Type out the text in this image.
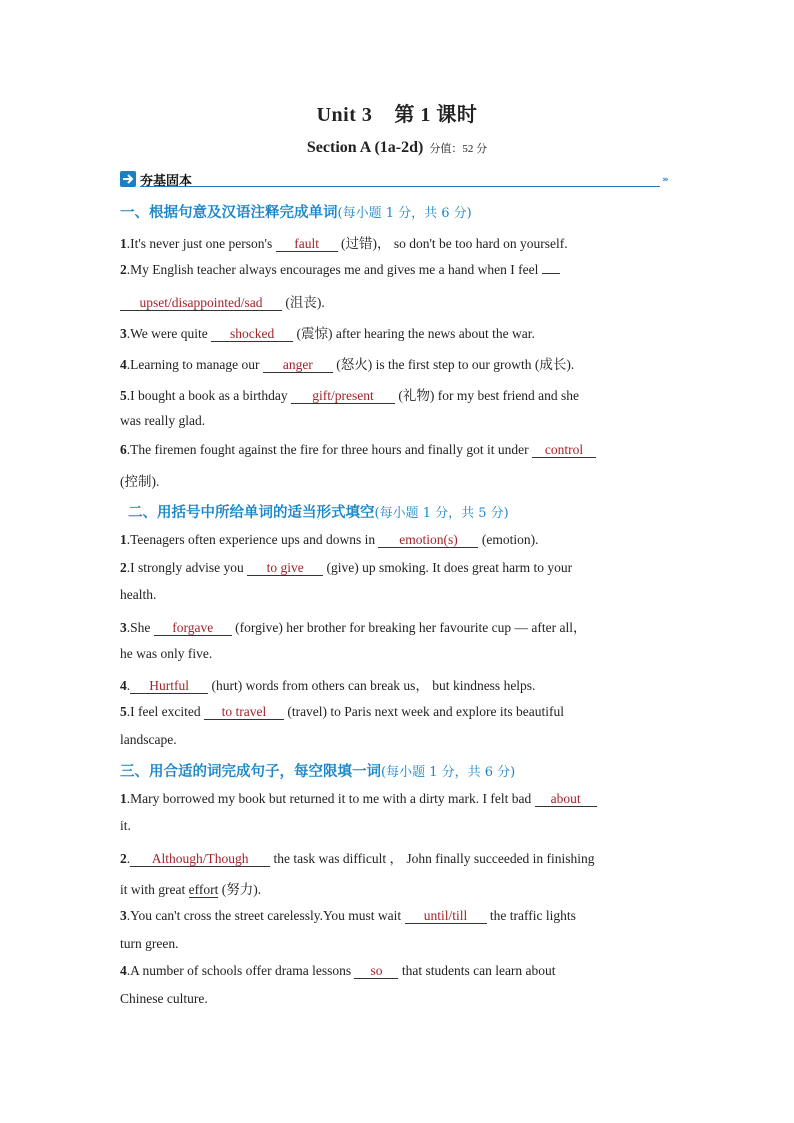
Unit 3 第 1 课时
Section A (1a-2d) 分值：52 分
夯基固本	›››
一、根据句意及汉语注释完成单词(每小题 1 分，共 6 分)
1.It's never just one person's fault (过错)， so don't be too hard on yourself.
2.My English teacher always encourages me and gives me a hand when I feel
upset/disappointed/sad (沮丧).
3.We were quite shocked (震惊) after hearing the news about the war.
4.Learning to manage our anger (怒火) is the first step to our growth (成长).
5.I bought a book as a birthday gift/present (礼物) for my best friend and she
was really glad.
6.The firemen fought against the fire for three hours and finally got it under control
(控制).
二、用括号中所给单词的适当形式填空(每小题 1 分，共 5 分)
1.Teenagers often experience ups and downs in emotion(s) (emotion).
2.I strongly advise you to give (give) up smoking. It does great harm to your
health.
3.She forgave (forgive) her brother for breaking her favourite cup — after all，
he was only five.
4. Hurtful (hurt) words from others can break us， but kindness helps.
5.I feel excited to travel (travel) to Paris next week and explore its beautiful
landscape.
三、用合适的词完成句子，每空限填一词(每小题 1 分，共 6 分)
1.Mary borrowed my book but returned it to me with a dirty mark. I felt bad about
it.
2. Although/Though the task was difficult ， John finally succeeded in finishing
it with great effort (努力).
3.You can't cross the street carelessly.You must wait until/till the traffic lights
turn green.
4.A number of schools offer drama lessons so that students can learn about
Chinese culture.
